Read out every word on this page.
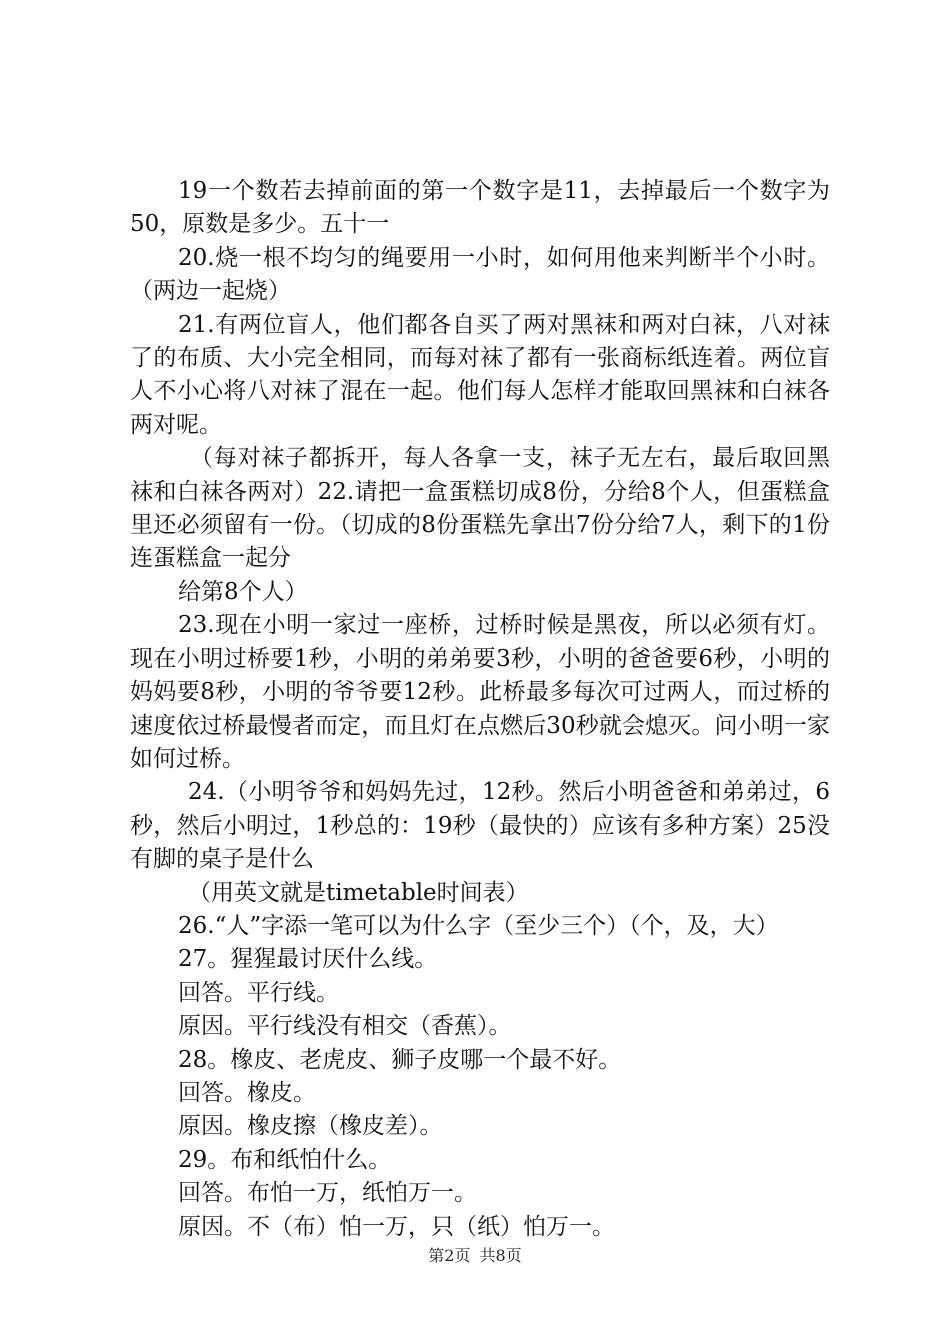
19一个数若去掉前面的第一个数字是11，去掉最后一个数字为50，原数是多少。五十一

20.烧一根不均匀的绳要用一小时，如何用他来判断半个小时。（两边一起烧）

21.有两位盲人，他们都各自买了两对黑袜和两对白袜，八对袜了的布质、大小完全相同，而每对袜了都有一张商标纸连着。两位盲人不小心将八对袜了混在一起。他们每人怎样才能取回黑袜和白袜各两对呢。

（每对袜子都拆开，每人各拿一支，袜子无左右，最后取回黑袜和白袜各两对）22.请把一盒蛋糕切成8份，分给8个人，但蛋糕盒里还必须留有一份。（切成的8份蛋糕先拿出7份分给7人，剩下的1份连蛋糕盒一起分

给第8个人）

23.现在小明一家过一座桥，过桥时候是黑夜，所以必须有灯。现在小明过桥要1秒，小明的弟弟要3秒，小明的爸爸要6秒，小明的妈妈要8秒，小明的爷爷要12秒。此桥最多每次可过两人，而过桥的速度依过桥最慢者而定，而且灯在点燃后30秒就会熄灭。问小明一家如何过桥。

24.（小明爷爷和妈妈先过，12秒。然后小明爸爸和弟弟过，6秒，然后小明过，1秒总的：19秒（最快的）应该有多种方案）25没有脚的桌子是什么

（用英文就是timetable时间表）

26.“人”字添一笔可以为什么字（至少三个）（个，及，大）

27。猩猩最讨厌什么线。

回答。平行线。

原因。平行线没有相交（香蕉）。

28。橡皮、老虎皮、狮子皮哪一个最不好。

回答。橡皮。

原因。橡皮擦（橡皮差）。

29。布和纸怕什么。

回答。布怕一万，纸怕万一。

原因。不（布）怕一万，只（纸）怕万一。

第2页 共8页
